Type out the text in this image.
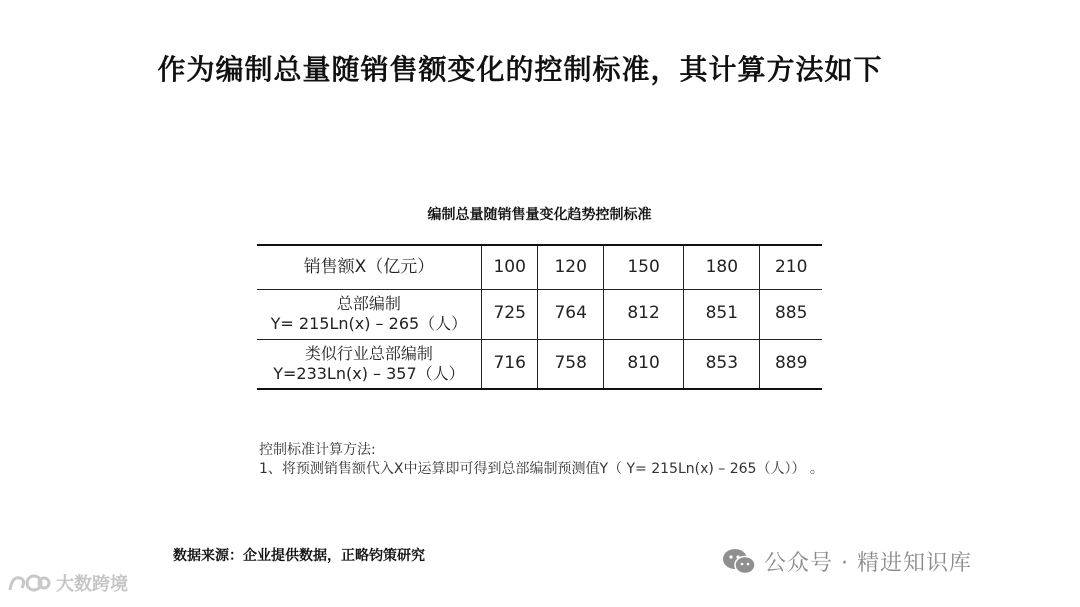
作为编制总量随销售额变化的控制标准，其计算方法如下
编制总量随销售量变化趋势控制标准
销售额X（亿元）	100	120	150	180	210

总部编制
Y= 215Ln(x) – 265（人）	725	764	812	851	885

类似行业总部编制
Y=233Ln(x) – 357（人）	716	758	810	853	889
控制标准计算方法:
1、将预测销售额代入X中运算即可得到总部编制预测值Y（ Y= 215Ln(x) – 265（人）） 。
数据来源：企业提供数据，正略钧策研究	公众号 · 精进知识库
大数跨境
